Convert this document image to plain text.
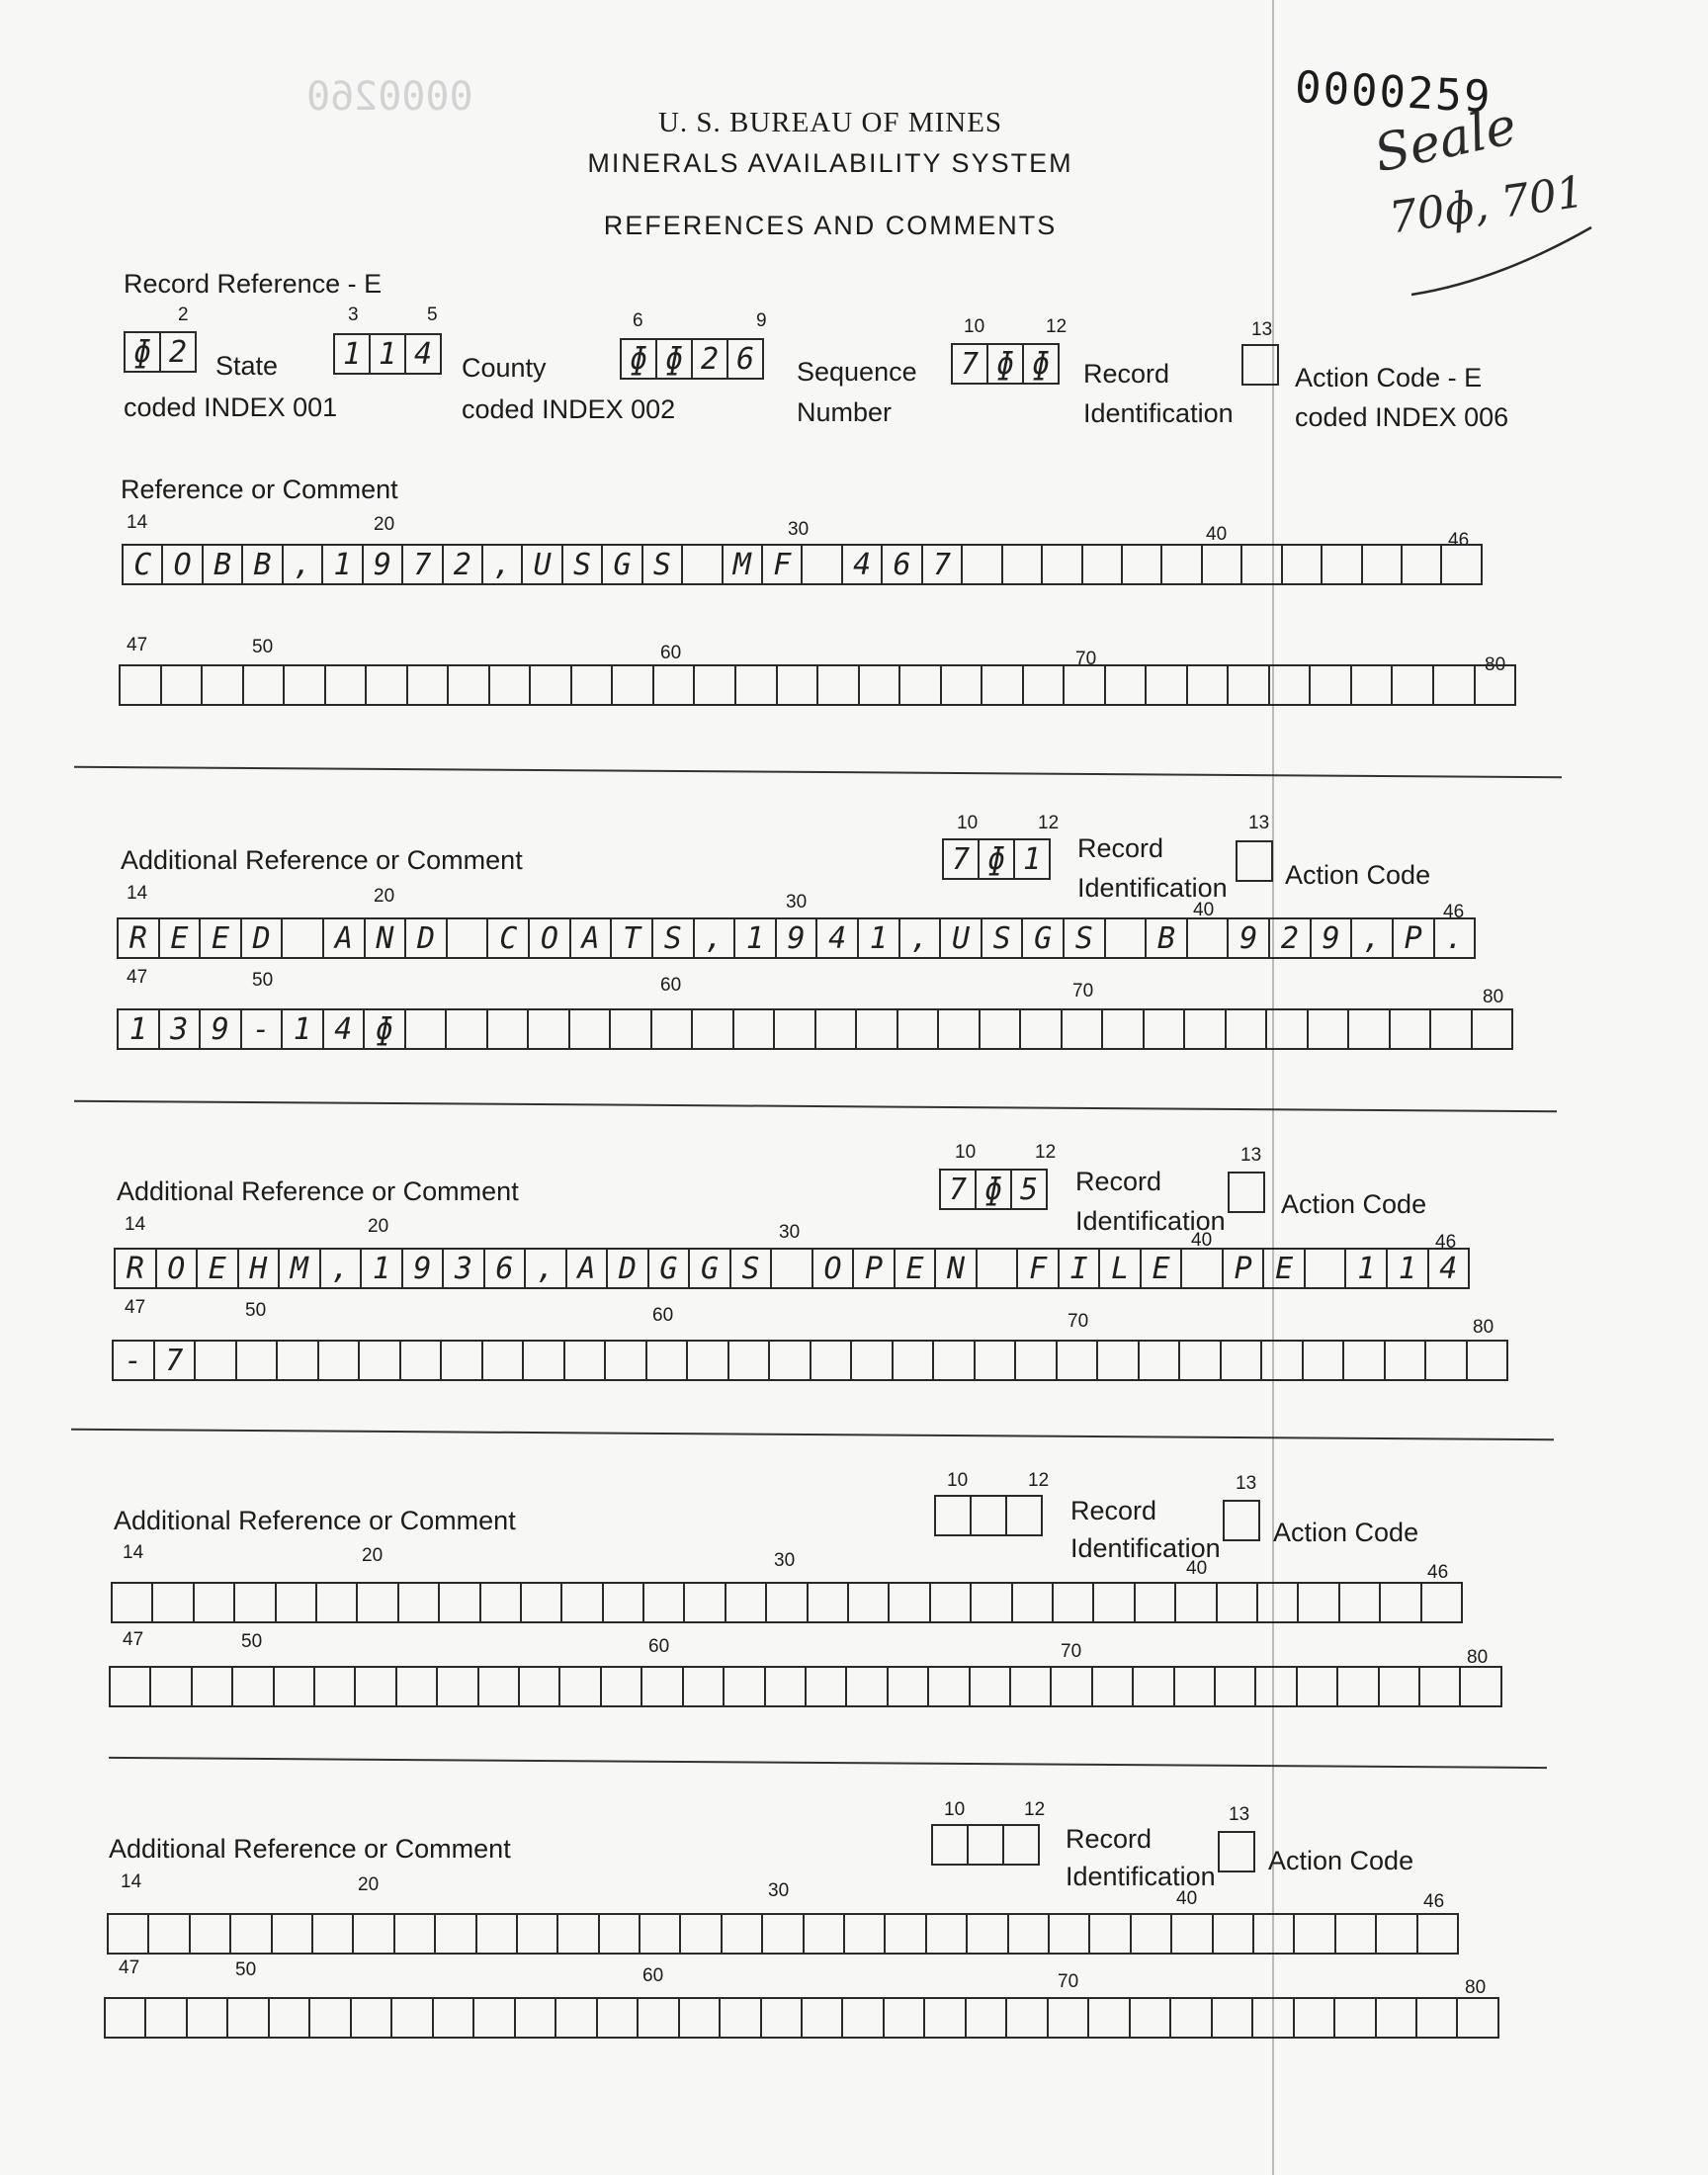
0000260	0000259
Seale
70ɸ, 701
U. S. BUREAU OF MINES
MINERALS AVAILABILITY SYSTEM
REFERENCES AND COMMENTS
Record Reference - E
2
ɸ 2	State
coded INDEX 001
3	5
1 1 4	County
coded INDEX 002
6	9
ɸ ɸ 2 6	Sequence
Number
10	12
7 ɸ ɸ	Record
Identification
13
Action Code - E
coded INDEX 006
Reference or Comment
14	20	30	40	46
C O B B , 1 9 7 2 , U S G S	M F	4 6 7
47	50	60	70	80
Additional Reference or Comment
10	12
7 ɸ 1	Record
Identification
13
Action Code
14	20	30	40	46
R E E D	A N D	C O A T S , 1 9 4 1 , U S G S	B	9 2 9 , P .
47	50	60	70	80
1 3 9 - 1 4 ɸ
Additional Reference or Comment
10	12
7 ɸ 5	Record
Identification
13
Action Code
14	20	30	40	46
R O E H M , 1 9 3 6 , A D G G S	O P E N	F I L E	P E	1 1 4
47	50	60	70	80
- 7
Additional Reference or Comment
10	12
Record
Identification
13
Action Code
14	20	30	40	46
47	50	60	70	80
Additional Reference or Comment
10	12
Record
Identification
13
Action Code
14	20	30	40	46
47	50	60	70	80
